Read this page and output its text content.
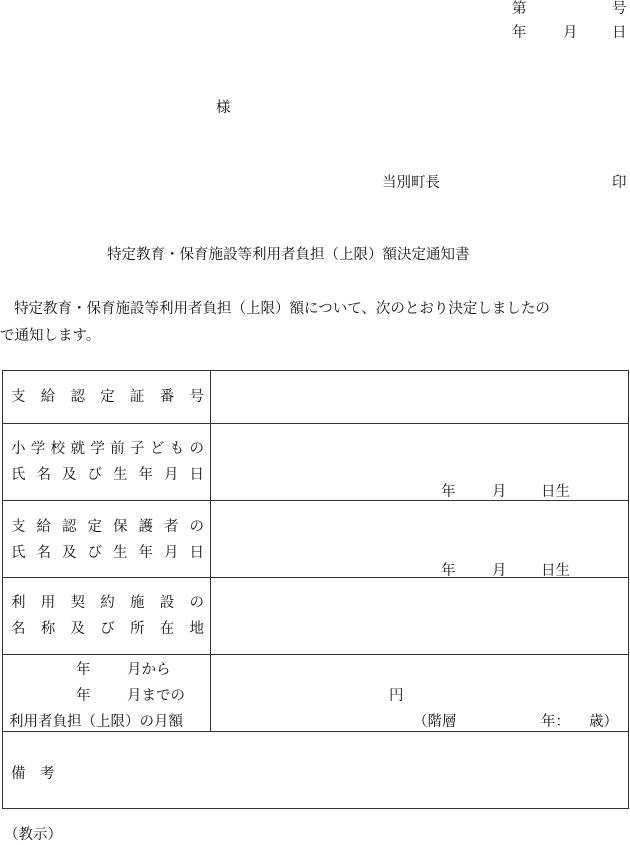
第	号
年	月 日
様
当別町長	印
特定教育・保育施設等利用者負担（上限）額決定通知書
特定教育・保育施設等利用者負担（上限）額について、次のとおり決定しましたの
で通知します。
支給認定証番号	

小学校就学前子どもの
氏名及び生年月日	年 月 日生

支給認定保護者の
氏名及び生年月日	年 月 日生

利用契約施設の
名称及び所在地	

年 月から
年 月までの
利用者負担（上限）の月額	円
（階層 年： 歳）

備　考	
（教示）
